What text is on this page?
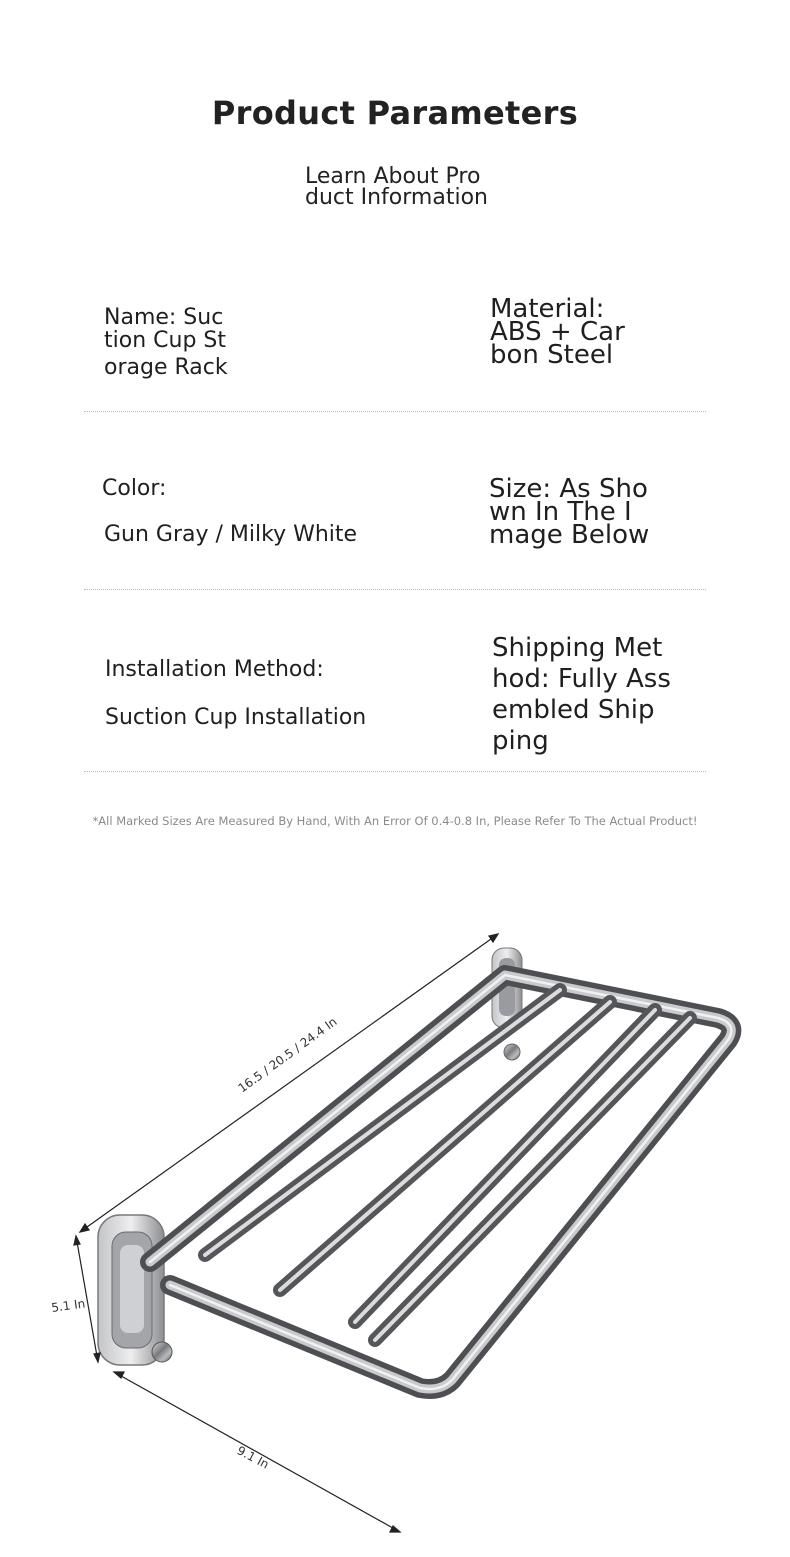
Product Parameters
Learn About Pro
duct Information
Name: Suc
tion Cup St
orage Rack
Material:
ABS + Car
bon Steel
Color:
Gun Gray / Milky White
Size: As Sho
wn In The I
mage Below
Installation Method:
Suction Cup Installation
Shipping Met
hod: Fully Ass
embled Ship
ping
*All Marked Sizes Are Measured By Hand, With An Error Of 0.4-0.8 In, Please Refer To The Actual Product!
16.5 / 20.5 / 24.4 In
5.1 In
9.1 In
